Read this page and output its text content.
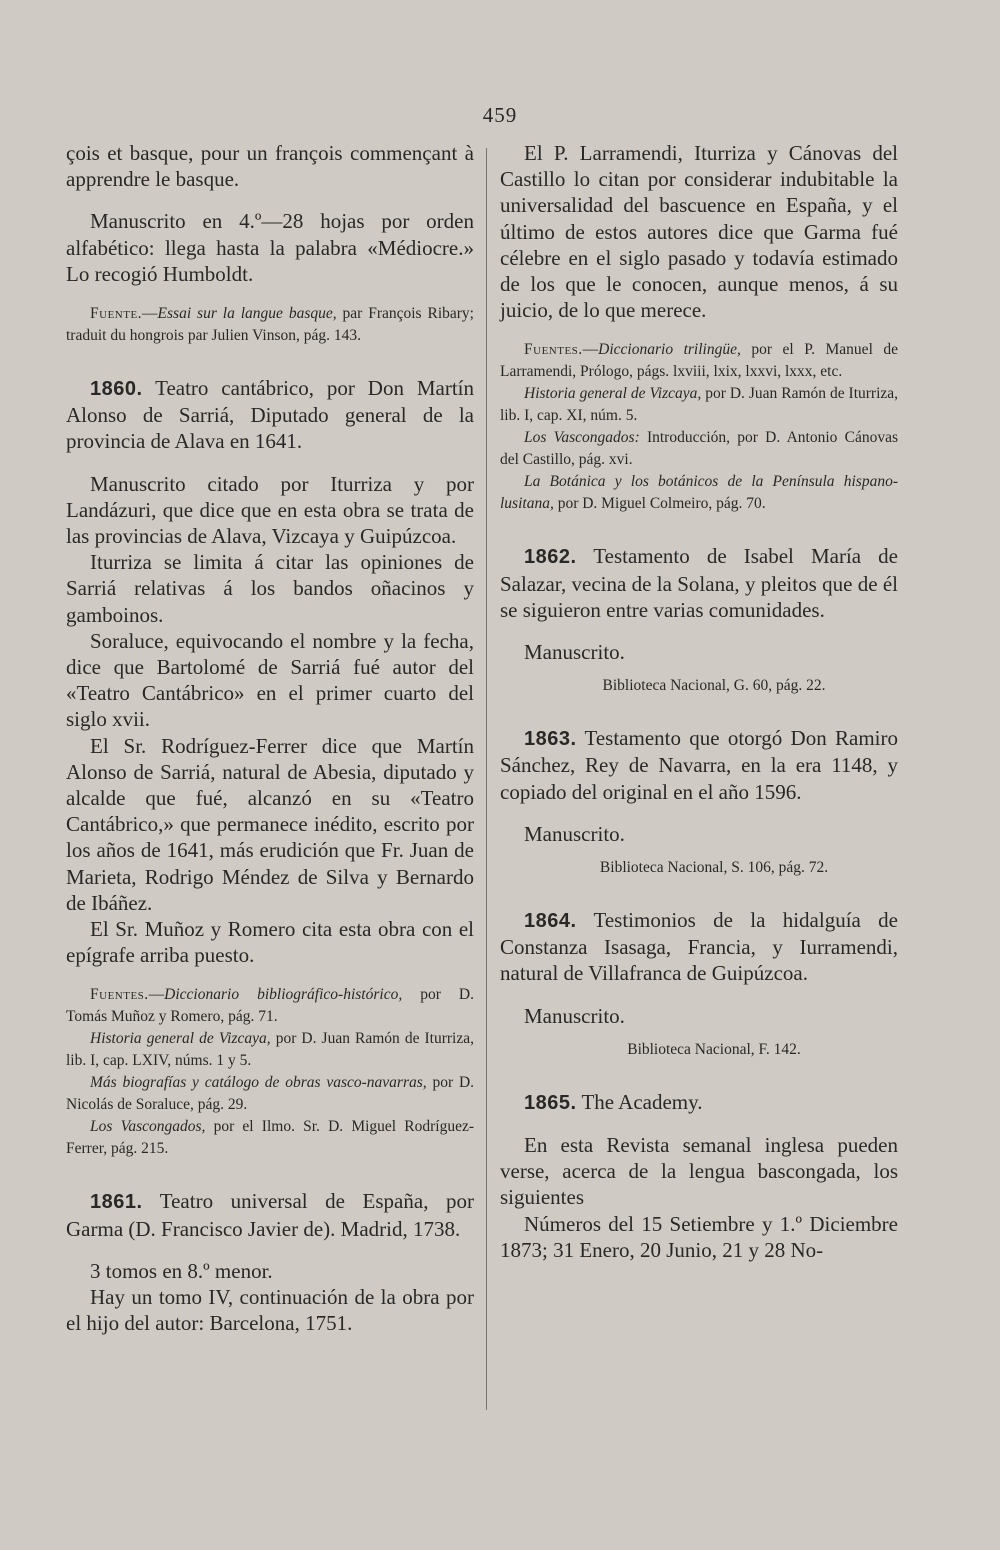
459

çois et basque, pour un françois commençant à apprendre le basque.

Manuscrito en 4.º—28 hojas por orden alfabético: llega hasta la palabra «Médiocre.» Lo recogió Humboldt.

Fuente.—Essai sur la langue basque, par François Ribary; traduit du hongrois par Julien Vinson, pág. 143.

1860. Teatro cantábrico, por Don Martín Alonso de Sarriá, Diputado general de la provincia de Alava en 1641.

Manuscrito citado por Iturriza y por Landázuri, que dice que en esta obra se trata de las provincias de Alava, Vizcaya y Guipúzcoa.

Iturriza se limita á citar las opiniones de Sarriá relativas á los bandos oñacinos y gamboinos.

Soraluce, equivocando el nombre y la fecha, dice que Bartolomé de Sarriá fué autor del «Teatro Cantábrico» en el primer cuarto del siglo xvii.

El Sr. Rodríguez-Ferrer dice que Martín Alonso de Sarriá, natural de Abesia, diputado y alcalde que fué, alcanzó en su «Teatro Cantábrico,» que permanece inédito, escrito por los años de 1641, más erudición que Fr. Juan de Marieta, Rodrigo Méndez de Silva y Bernardo de Ibáñez.

El Sr. Muñoz y Romero cita esta obra con el epígrafe arriba puesto.

Fuentes.—Diccionario bibliográfico-histórico, por D. Tomás Muñoz y Romero, pág. 71.

Historia general de Vizcaya, por D. Juan Ramón de Iturriza, lib. I, cap. LXIV, núms. 1 y 5.

Más biografías y catálogo de obras vasco-navarras, por D. Nicolás de Soraluce, pág. 29.

Los Vascongados, por el Ilmo. Sr. D. Miguel Rodríguez-Ferrer, pág. 215.

1861. Teatro universal de España, por Garma (D. Francisco Javier de). Madrid, 1738.

3 tomos en 8.º menor.

Hay un tomo IV, continuación de la obra por el hijo del autor: Barcelona, 1751.

El P. Larramendi, Iturriza y Cánovas del Castillo lo citan por considerar indubitable la universalidad del bascuence en España, y el último de estos autores dice que Garma fué célebre en el siglo pasado y todavía estimado de los que le conocen, aunque menos, á su juicio, de lo que merece.

Fuentes.—Diccionario trilingüe, por el P. Manuel de Larramendi, Prólogo, págs. lxviii, lxix, lxxvi, lxxx, etc.

Historia general de Vizcaya, por D. Juan Ramón de Iturriza, lib. I, cap. XI, núm. 5.

Los Vascongados: Introducción, por D. Antonio Cánovas del Castillo, pág. xvi.

La Botánica y los botánicos de la Península hispano-lusitana, por D. Miguel Colmeiro, pág. 70.

1862. Testamento de Isabel María de Salazar, vecina de la Solana, y pleitos que de él se siguieron entre varias comunidades.

Manuscrito.

Biblioteca Nacional, G. 60, pág. 22.

1863. Testamento que otorgó Don Ramiro Sánchez, Rey de Navarra, en la era 1148, y copiado del original en el año 1596.

Manuscrito.

Biblioteca Nacional, S. 106, pág. 72.

1864. Testimonios de la hidalguía de Constanza Isasaga, Francia, y Iurramendi, natural de Villafranca de Guipúzcoa.

Manuscrito.

Biblioteca Nacional, F. 142.

1865. The Academy.

En esta Revista semanal inglesa pueden verse, acerca de la lengua bascongada, los siguientes

Números del 15 Setiembre y 1.º Diciembre 1873; 31 Enero, 20 Junio, 21 y 28 No-
